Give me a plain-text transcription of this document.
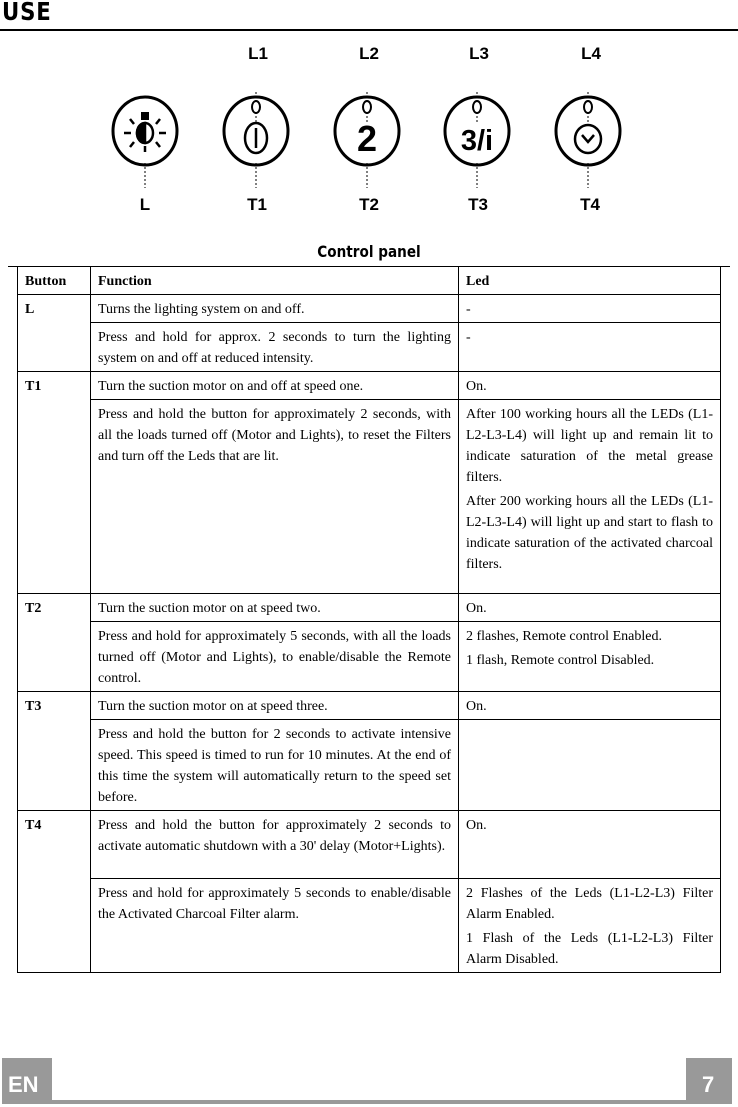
USE
L1	L2	L3	L4
L	T1	T2	T3	T4
2	3/i
Control panel
Button	Function	Led
L	Turns the lighting system on and off.	-

	Press and hold for approx. 2 seconds to turn the lighting system on and off at reduced intensity.	-

T1	Turn the suction motor on and off at speed one.	On.

	Press and hold the button for approximately 2 seconds, with all the loads turned off (Motor and Lights), to reset the Filters and turn off the Leds that are lit.	After 100 working hours all the LEDs (L1-L2-L3-L4) will light up and remain lit to indicate saturation of the metal grease filters.

After 200 working hours all the LEDs (L1-L2-L3-L4) will light up and start to flash to indicate saturation of the activated charcoal filters.

T2	Turn the suction motor on at speed two.	On.

	Press and hold for approximately 5 seconds, with all the loads turned off (Motor and Lights), to enable/disable the Remote control.	2 flashes, Remote control Enabled.

1 flash, Remote control Disabled.

T3	Turn the suction motor on at speed three.	On.

	Press and hold the button for 2 seconds to activate intensive speed. This speed is timed to run for 10 minutes. At the end of this time the system will automatically return to the speed set before.	
T4	Press and hold the button for approximately 2 seconds to activate automatic shutdown with a 30' delay (Motor+Lights).	On.

	Press and hold for approximately 5 seconds to enable/disable the Activated Charcoal Filter alarm.	2 Flashes of the Leds (L1-L2-L3) Filter Alarm Enabled.

1 Flash of the Leds (L1-L2-L3) Filter Alarm Disabled.

EN	7
